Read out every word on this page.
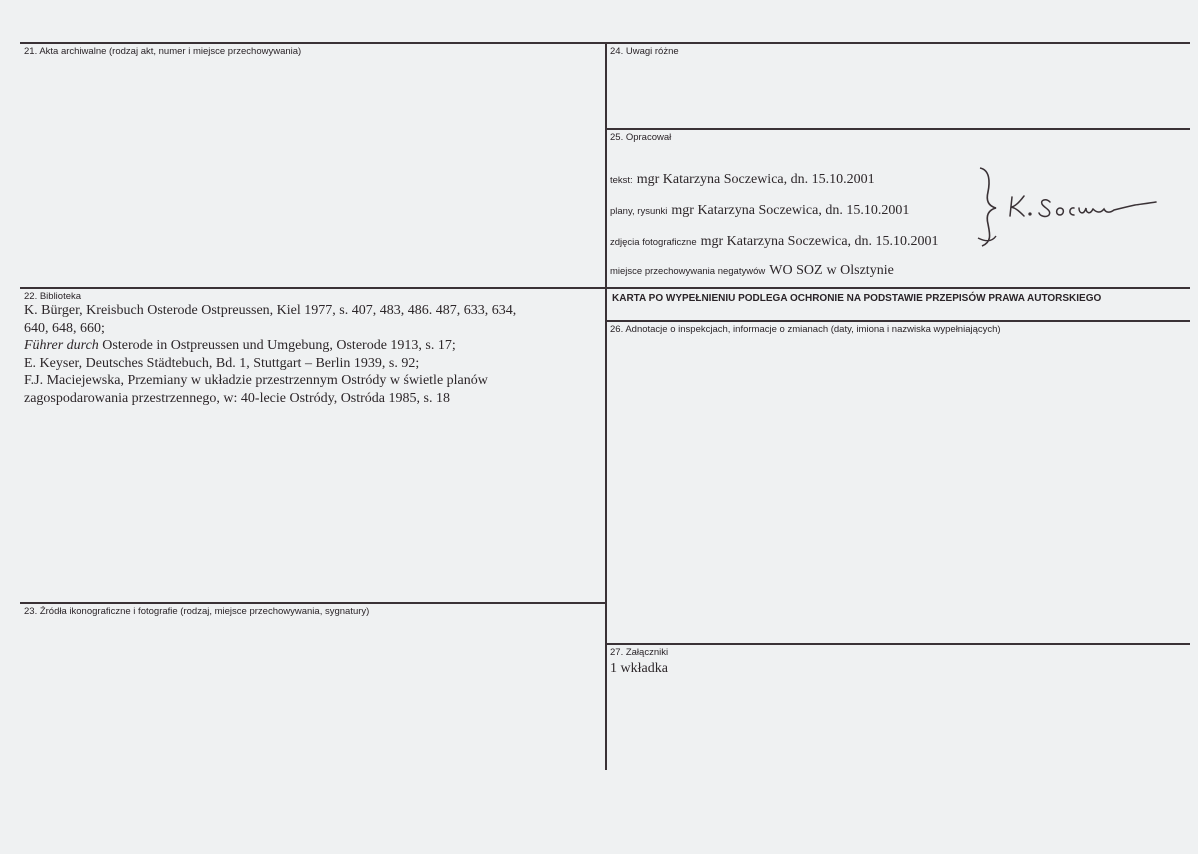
21. Akta archiwalne (rodzaj akt, numer i miejsce przechowywania)
22. Biblioteka
K. Bürger, Kreisbuch Osterode Ostpreussen, Kiel 1977, s. 407, 483, 486. 487, 633, 634,
640, 648, 660;
Führer durch Osterode in Ostpreussen und Umgebung, Osterode 1913, s. 17;
E. Keyser, Deutsches Städtebuch, Bd. 1, Stuttgart – Berlin 1939, s. 92;
F.J. Maciejewska, Przemiany w układzie przestrzennym Ostródy w świetle planów
zagospodarowania przestrzennego, w: 40-lecie Ostródy, Ostróda 1985, s. 18
23. Źródła ikonograficzne i fotografie (rodzaj, miejsce przechowywania, sygnatury)
24. Uwagi różne
25. Opracował
tekst: mgr Katarzyna Soczewica, dn. 15.10.2001
plany, rysunki mgr Katarzyna Soczewica, dn. 15.10.2001
zdjęcia fotograficzne mgr Katarzyna Soczewica, dn. 15.10.2001
miejsce przechowywania negatywów WO SOZ w Olsztynie
KARTA PO WYPEŁNIENIU PODLEGA OCHRONIE NA PODSTAWIE PRZEPISÓW PRAWA AUTORSKIEGO
26. Adnotacje o inspekcjach, informacje o zmianach (daty, imiona i nazwiska wypełniających)
27. Załączniki
1 wkładka
